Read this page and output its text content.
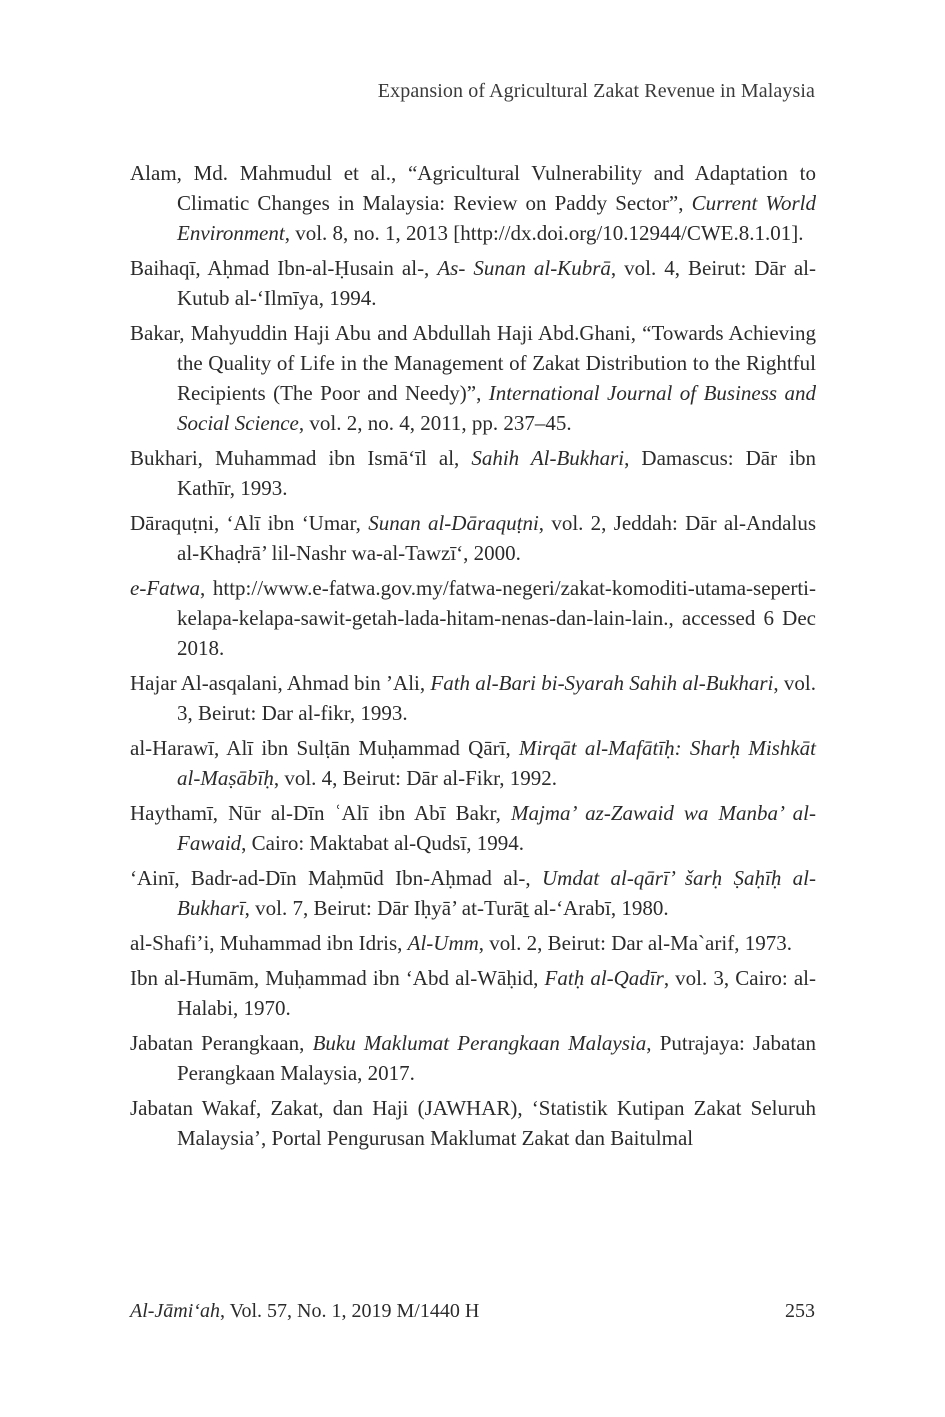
Expansion of Agricultural Zakat Revenue in Malaysia

Alam, Md. Mahmudul et al., “Agricultural Vulnerability and Adaptation to Climatic Changes in Malaysia: Review on Paddy Sector”, Current World Environment, vol. 8, no. 1, 2013 [http://dx.doi.org/10.12944/CWE.8.1.01].

Baihaqī, Aḥmad Ibn-al-Ḥusain al-, As- Sunan al-Kubrā, vol. 4, Beirut: Dār al-Kutub al-ʻIlmīya, 1994.

Bakar, Mahyuddin Haji Abu and Abdullah Haji Abd.Ghani, “Towards Achieving the Quality of Life in the Management of Zakat Distribution to the Rightful Recipients (The Poor and Needy)”, International Journal of Business and Social Science, vol. 2, no. 4, 2011, pp. 237–45.

Bukhari, Muhammad ibn Ismāʻīl al, Sahih Al-Bukhari, Damascus: Dār ibn Kathīr, 1993.

Dāraquṭni, ‘Alī ibn ʻUmar, Sunan al-Dāraquṭni, vol. 2, Jeddah: Dār al-Andalus al-Khaḍrā’ lil-Nashr wa-al-Tawzī‘, 2000.

e-Fatwa, http://www.e-fatwa.gov.my/fatwa-negeri/zakat-komoditi-utama-seperti-kelapa-kelapa-sawit-getah-lada-hitam-nenas-dan-lain-lain., accessed 6 Dec 2018.

Hajar Al-asqalani, Ahmad bin ’Ali, Fath al-Bari bi-Syarah Sahih al-Bukhari, vol. 3, Beirut: Dar al-fikr, 1993.

al-Harawī, Alī ibn Sulṭān Muḥammad Qārī, Mirqāt al-Mafātīḥ: Sharḥ Mishkāt al-Maṣābīḥ, vol. 4, Beirut: Dār al-Fikr, 1992.

Haythamī, Nūr al-Dīn ʿAlī ibn Abī Bakr, Majma’ az-Zawaid wa Manba’ al-Fawaid, Cairo: Maktabat al-Qudsī, 1994.

‘Ainī, Badr-ad-Dīn Maḥmūd Ibn-Aḥmad al-, Umdat al-qārī’ šarḥ Ṣaḥīḥ al-Bukharī, vol. 7, Beirut: Dār Iḥyā’ at-Turāṯ al-‘Arabī, 1980.

al-Shafi’i, Muhammad ibn Idris, Al-Umm, vol. 2, Beirut: Dar al-Ma`arif, 1973.

Ibn al-Humām, Muḥammad ibn ‘Abd al-Wāḥid, Fatḥ al-Qadīr, vol. 3, Cairo: al-Halabi, 1970.

Jabatan Perangkaan, Buku Maklumat Perangkaan Malaysia, Putrajaya: Jabatan Perangkaan Malaysia, 2017.

Jabatan Wakaf, Zakat, dan Haji (JAWHAR), ‘Statistik Kutipan Zakat Seluruh Malaysia’, Portal Pengurusan Maklumat Zakat dan Baitulmal

Al-Jāmiʻah, Vol. 57, No. 1, 2019 M/1440 H	253
